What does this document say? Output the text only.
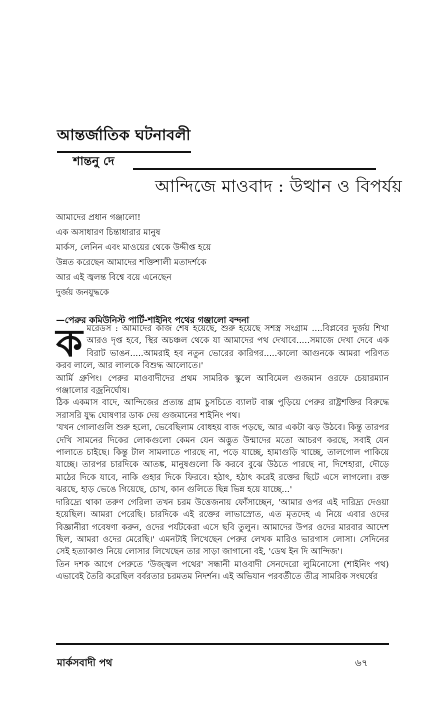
আন্তর্জাতিক ঘটনাবলী
শান্তনু দে
আন্দিজে মাওবাদ : উত্থান ও বিপর্যয়
আমাদের প্রধান গঞ্জালো!
এক অসাধারণ চিন্তাধারার মানুষ
মার্কস, লেনিন এবং মাওয়ের থেকে উদ্দীপ্ত হয়ে
উন্নত করেছেন আমাদের শক্তিশালী মতাদর্শকে
আর এই জ্বলন্ত বিশ্বে বয়ে এনেছেন
দুর্জয় জনযুদ্ধকে
—পেরুর কমিউনিস্ট পার্টি-শাইনিং পথের গঞ্জালো বন্দনা

কমরেডস : আমাদের কাজ শেষ হয়েছে, শুরু হয়েছে সশস্ত্র সংগ্রাম ....বিপ্লবের দুর্জয় শিখা আরও দৃপ্ত হবে, স্থির অচঞ্চল থেকে যা আমাদের পথ দেখাবে.....সমাজে দেখা দেবে এক বিরাট ভাঙন.....আমরাই হব নতুন ভোরের কারিগর.....কালো আগুনকে আমরা পরিণত করব লালে, আর লালকে বিশুদ্ধ আলোতে।'

আর্মি গ্রুপিং। পেরুর মাওবাদীদের প্রথম সামরিক স্কুলে আবিমেল গুজমান ওরফে চেয়ারম্যান গঞ্জালোর বজ্রনির্ঘোষ।

ঠিক একমাস বাদে, আন্দিজের প্রত্যন্ত গ্রাম চুসচিতে ব্যালট বাক্স পুড়িয়ে পেরুর রাষ্ট্রশক্তির বিরুদ্ধে সরাসরি যুদ্ধ ঘোষণার ডাক দেয় গুজমানের শাইনিং পথ।

'যখন গোলাগুলি শুরু হলো, ভেবেছিলাম বোধহয় বাজ পড়ছে, আর একটা ঝড় উঠবে। কিন্তু তারপর দেখি সামনের দিকের লোকগুলো কেমন যেন অদ্ভুত উন্মাদের মতো আচরণ করছে, সবাই যেন পালাতে চাইছে। কিন্তু টাল সামলাতে পারছে না, পড়ে যাচ্ছে, হামাগুড়ি খাচ্ছে, তালগোল পাকিয়ে যাচ্ছে। তারপর চারদিকে আতঙ্ক, মানুষগুলো কি করবে বুঝে উঠতে পারছে না, দিশেহারা, দৌড়ে মাঠের দিকে যাবে, নাকি গুহার দিকে ফিরবে। হঠাৎ, হঠাৎ করেই রক্তের ছিটে এসে লাগলো। রক্ত ঝরছে, হাড় ভেঙে গিয়েছে, চোখ, কান গুলিতে ছিন্ন ভিন্ন হয়ে যাচ্ছে...'

দারিদ্র্যে থাকা তরুণ গেরিলা তখন চরম উত্তেজনায় ফোঁসাচ্ছেন, 'আমার ওপর এই দারিদ্র্য দেওয়া হয়েছিল। আমরা পেরেছি। চারদিকে এই রক্তের লাভাস্রোত, এত মৃতদেহ এ নিয়ে এবার ওদের বিজ্ঞানীরা গবেষণা করুন, ওদের পর্যটকেরা এসে ছবি তুলুন। আমাদের উপর ওদের মারবার আদেশ ছিল, আমরা ওদের মেরেছি।' এমনটাই লিখেছেন পেরুর লেখক মারিও ভারগাস লোসা। সেদিনের সেই হত্যাকাণ্ড নিয়ে লোসার লিখেছেন তার সাড়া জাগানো বই, 'ডেথ ইন দি আন্দিজ'।

তিন দশক আগে পেরুতে 'উজ্জ্বল পথের' সন্ধানী মাওবাদী সেনদেরো লুমিনোসো (শাইনিং পথ) এভাবেই তৈরি করেছিল বর্বরতার চরমতম নিদর্শন। এই অভিযান পরবর্তীতে তীব্র সামরিক সংঘর্ষের

মার্কসবাদী পথ	৬৭
